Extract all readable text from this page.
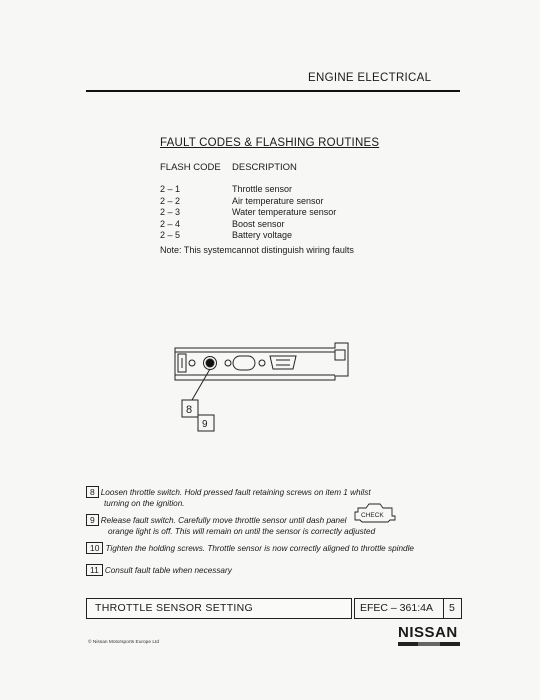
ENGINE ELECTRICAL
FAULT CODES & FLASHING ROUTINES
FLASH CODE DESCRIPTION
2 – 1
2 – 2
2 – 3
2 – 4
2 – 5
Throttle sensor
Air temperature sensor
Water temperature sensor
Boost sensor
Battery voltage
Note: This systemcannot distinguish wiring faults
8
9
8 Loosen throttle switch. Hold pressed fault retaining screws on item 1 whilst
turning on the ignition.
9 Release fault switch. Carefully move throttle sensor until dash panel
orange light is off. This will remain on until the sensor is correctly adjusted
CHECK
10 Tighten the holding screws. Throttle sensor is now correctly aligned to throttle spindle
11 Consult fault table when necessary
THROTTLE SENSOR SETTING	EFEC – 361:4A 5
© Nissan Motorsports Europe Ltd
NISSAN
